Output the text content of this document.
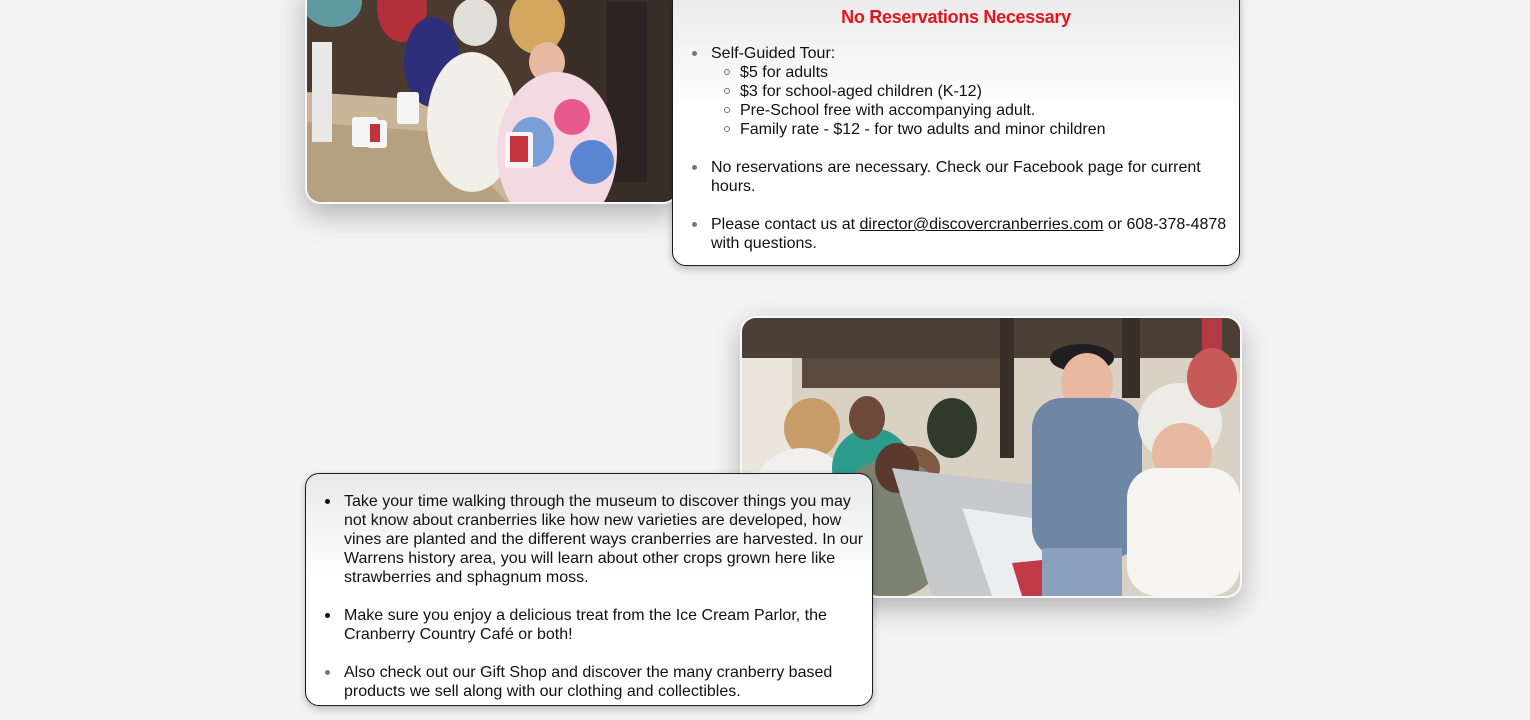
No Reservations Necessary
Self-Guided Tour:
$5 for adults
$3 for school-aged children (K-12)
Pre-School free with accompanying adult.
Family rate - $12 - for two adults and minor children
No reservations are necessary. Check our Facebook page for current hours.
Please contact us at director@discovercranberries.com or 608-378-4878 with questions.
Take your time walking through the museum to discover things you may not know about cranberries like how new varieties are developed, how vines are planted and the different ways cranberries are harvested. In our Warrens history area, you will learn about other crops grown here like strawberries and sphagnum moss.
Make sure you enjoy a delicious treat from the Ice Cream Parlor, the Cranberry Country Café or both!
Also check out our Gift Shop and discover the many cranberry based products we sell along with our clothing and collectibles.
